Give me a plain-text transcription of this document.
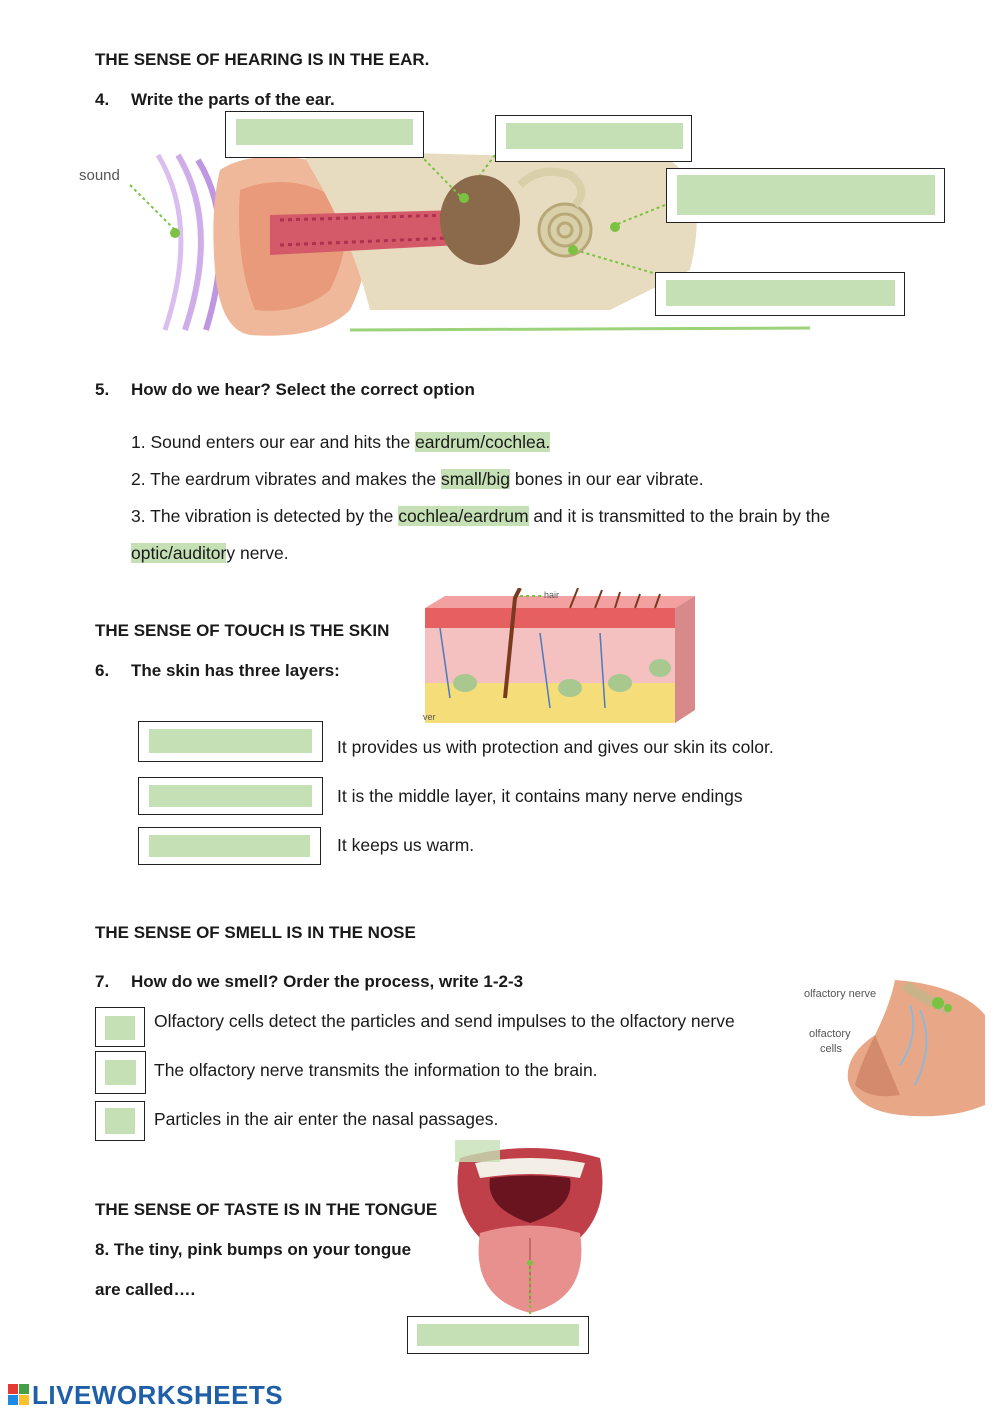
THE SENSE OF HEARING IS IN THE EAR.
4. Write the parts of the ear.
sound
5. How do we hear? Select the correct option
1. Sound enters our ear and hits the eardrum/cochlea.
2. The eardrum vibrates and makes the small/big bones in our ear vibrate.
3. The vibration is detected by the cochlea/eardrum and it is transmitted to the brain by the
optic/auditory nerve.
THE SENSE OF TOUCH IS THE SKIN
6. The skin has three layers:
hair
ver
It provides us with protection and gives our skin its color.
It is the middle layer, it contains many nerve endings
It keeps us warm.
THE SENSE OF SMELL IS IN THE NOSE
7. How do we smell? Order the process, write 1-2-3
Olfactory cells detect the particles and send impulses to the olfactory nerve
The olfactory nerve transmits the information to the brain.
Particles in the air enter the nasal passages.
olfactory nerve
olfactory
cells
THE SENSE OF TASTE IS IN THE TONGUE
8. The tiny, pink bumps on your tongue
are called….
LIVEWORKSHEETS
